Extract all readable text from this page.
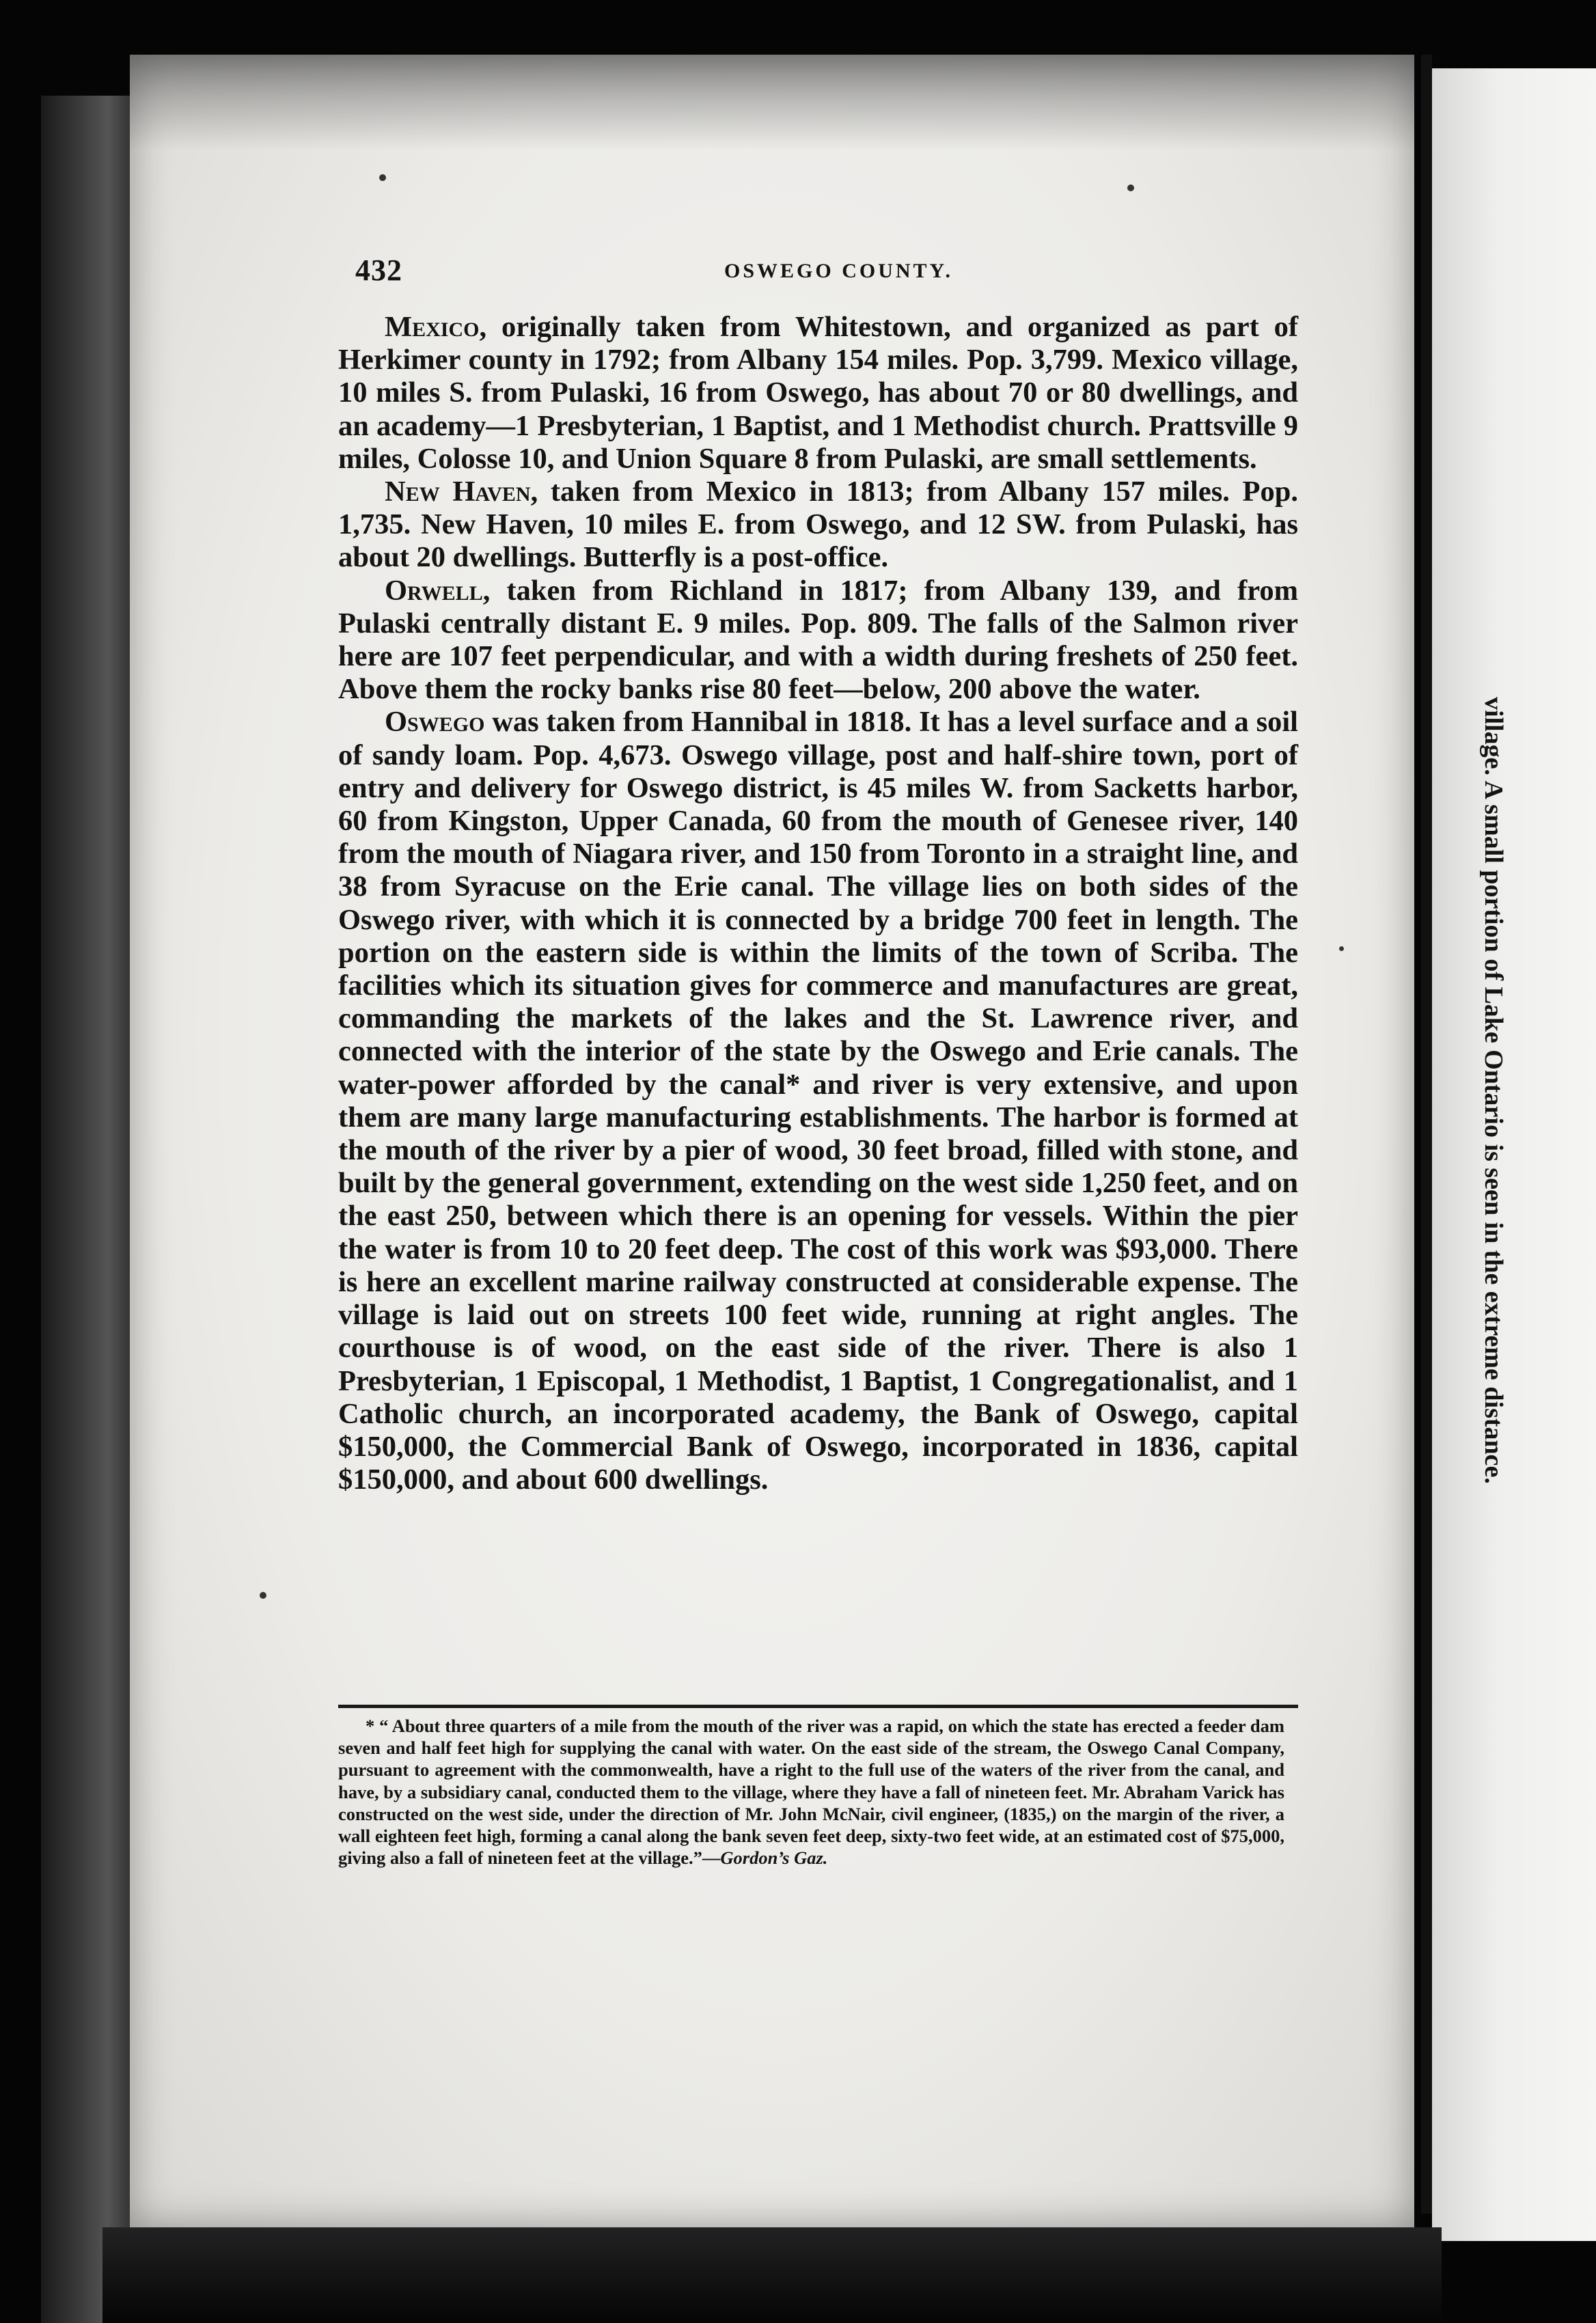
432	OSWEGO COUNTY.

Mexico, originally taken from Whitestown, and organized as part of Herkimer county in 1792; from Albany 154 miles. Pop. 3,799. Mexico village, 10 miles S. from Pulaski, 16 from Oswego, has about 70 or 80 dwellings, and an academy—1 Presbyterian, 1 Baptist, and 1 Methodist church. Prattsville 9 miles, Colosse 10, and Union Square 8 from Pulaski, are small settlements.

New Haven, taken from Mexico in 1813; from Albany 157 miles. Pop. 1,735. New Haven, 10 miles E. from Oswego, and 12 SW. from Pulaski, has about 20 dwellings. Butterfly is a post-office.

Orwell, taken from Richland in 1817; from Albany 139, and from Pulaski centrally distant E. 9 miles. Pop. 809. The falls of the Salmon river here are 107 feet perpendicular, and with a width during freshets of 250 feet. Above them the rocky banks rise 80 feet—below, 200 above the water.

Oswego was taken from Hannibal in 1818. It has a level surface and a soil of sandy loam. Pop. 4,673. Oswego village, post and half-shire town, port of entry and delivery for Oswego district, is 45 miles W. from Sacketts harbor, 60 from Kingston, Upper Canada, 60 from the mouth of Genesee river, 140 from the mouth of Niagara river, and 150 from Toronto in a straight line, and 38 from Syracuse on the Erie canal. The village lies on both sides of the Oswego river, with which it is connected by a bridge 700 feet in length. The portion on the eastern side is within the limits of the town of Scriba. The facilities which its situation gives for commerce and manufactures are great, commanding the markets of the lakes and the St. Lawrence river, and connected with the interior of the state by the Oswego and Erie canals. The water-power afforded by the canal* and river is very extensive, and upon them are many large manufacturing establishments. The harbor is formed at the mouth of the river by a pier of wood, 30 feet broad, filled with stone, and built by the general government, extending on the west side 1,250 feet, and on the east 250, between which there is an opening for vessels. Within the pier the water is from 10 to 20 feet deep. The cost of this work was $93,000. There is here an excellent marine railway constructed at considerable expense. The village is laid out on streets 100 feet wide, running at right angles. The courthouse is of wood, on the east side of the river. There is also 1 Presbyterian, 1 Episcopal, 1 Methodist, 1 Baptist, 1 Congregationalist, and 1 Catholic church, an incorporated academy, the Bank of Oswego, capital $150,000, the Commercial Bank of Oswego, incorporated in 1836, capital $150,000, and about 600 dwellings.

* “ About three quarters of a mile from the mouth of the river was a rapid, on which the state has erected a feeder dam seven and half feet high for supplying the canal with water. On the east side of the stream, the Oswego Canal Company, pursuant to agreement with the commonwealth, have a right to the full use of the waters of the river from the canal, and have, by a subsidiary canal, conducted them to the village, where they have a fall of nineteen feet. Mr. Abraham Varick has constructed on the west side, under the direction of Mr. John McNair, civil engineer, (1835,) on the margin of the river, a wall eighteen feet high, forming a canal along the bank seven feet deep, sixty-two feet wide, at an estimated cost of $75,000, giving also a fall of nineteen feet at the village.”—Gordon’s Gaz.

village. A small portion of Lake Ontario is seen in the extreme distance.
